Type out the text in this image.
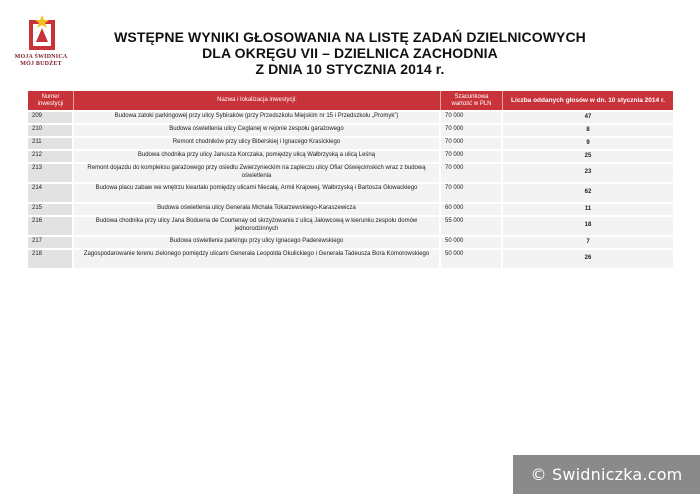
MOJA ŚWIDNICA
MÓJ BUDŻET
WSTĘPNE WYNIKI GŁOSOWANIA NA LISTĘ ZADAŃ DZIELNICOWYCH
DLA OKRĘGU VII – DZIELNICA ZACHODNIA
Z DNIA 10 STYCZNIA 2014 r.
Numer inwestycji	Nazwa i lokalizacja inwestycji:	Szacunkowa wartość w PLN	Liczba oddanych głosów w dn. 10 stycznia 2014 r.
209	Budowa zatoki parkingowej przy ulicy Sybiraków (przy Przedszkolu Miejskim nr 15 i Przedszkolu „Promyk”)	70 000	47
210	Budowa oświetlenia ulicy Ceglanej w rejonie zespołu garażowego	70 000	8
211	Remont chodników przy ulicy Biberskiej i Ignacego Krasickiego	70 000	9
212	Budowa chodnika przy ulicy Janusza Korczaka, pomiędzy ulicą Wałbrzyską a ulicą Leśną	70 000	25
213	Remont dojazdu do kompleksu garażowego przy osiedlu Zwierzynieckim na zapleczu ulicy Ofiar Oświęcimskich wraz z budową oświetlenia	70 000	23
214	Budowa placu zabaw we wnętrzu kwartału pomiędzy ulicami Niecałą, Armii Krajowej, Wałbrzyską i Bartosza Głowackiego	70 000	62
215	Budowa oświetlenia ulicy Generała Michała Tokarzewskiego-Karaszewicza	60 000	11
216	Budowa chodnika przy ulicy Jana Boduena de Courtenay od skrzyżowania z ulicą Jałowcową w kierunku zespołu domów jednorodzinnych	55 000	18
217	Budowa oświetlenia parkingu przy ulicy Ignacego Paderewskiego	50 000	7
218	Zagospodarowanie terenu zielonego pomiędzy ulicami Generała Leopolda Okulickiego i Generała Tadeusza Bora Komorowskiego	50 000	26
© Swidniczka.com
